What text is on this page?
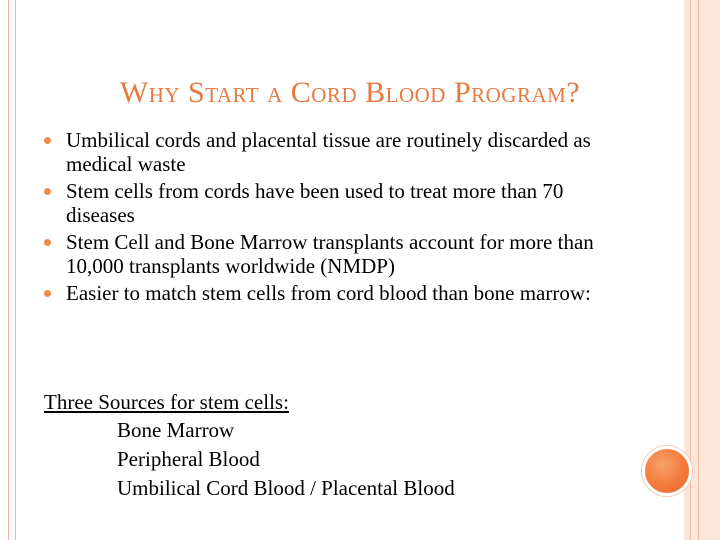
Why Start a Cord Blood Program?
Umbilical cords and placental tissue are routinely discarded as medical waste
Stem cells from cords have been used to treat more than 70 diseases
Stem Cell and Bone Marrow transplants account for more than 10,000 transplants worldwide (NMDP)
Easier to match stem cells from cord blood than bone marrow:
Three Sources for stem cells:
Bone Marrow
Peripheral Blood
Umbilical Cord Blood / Placental Blood
